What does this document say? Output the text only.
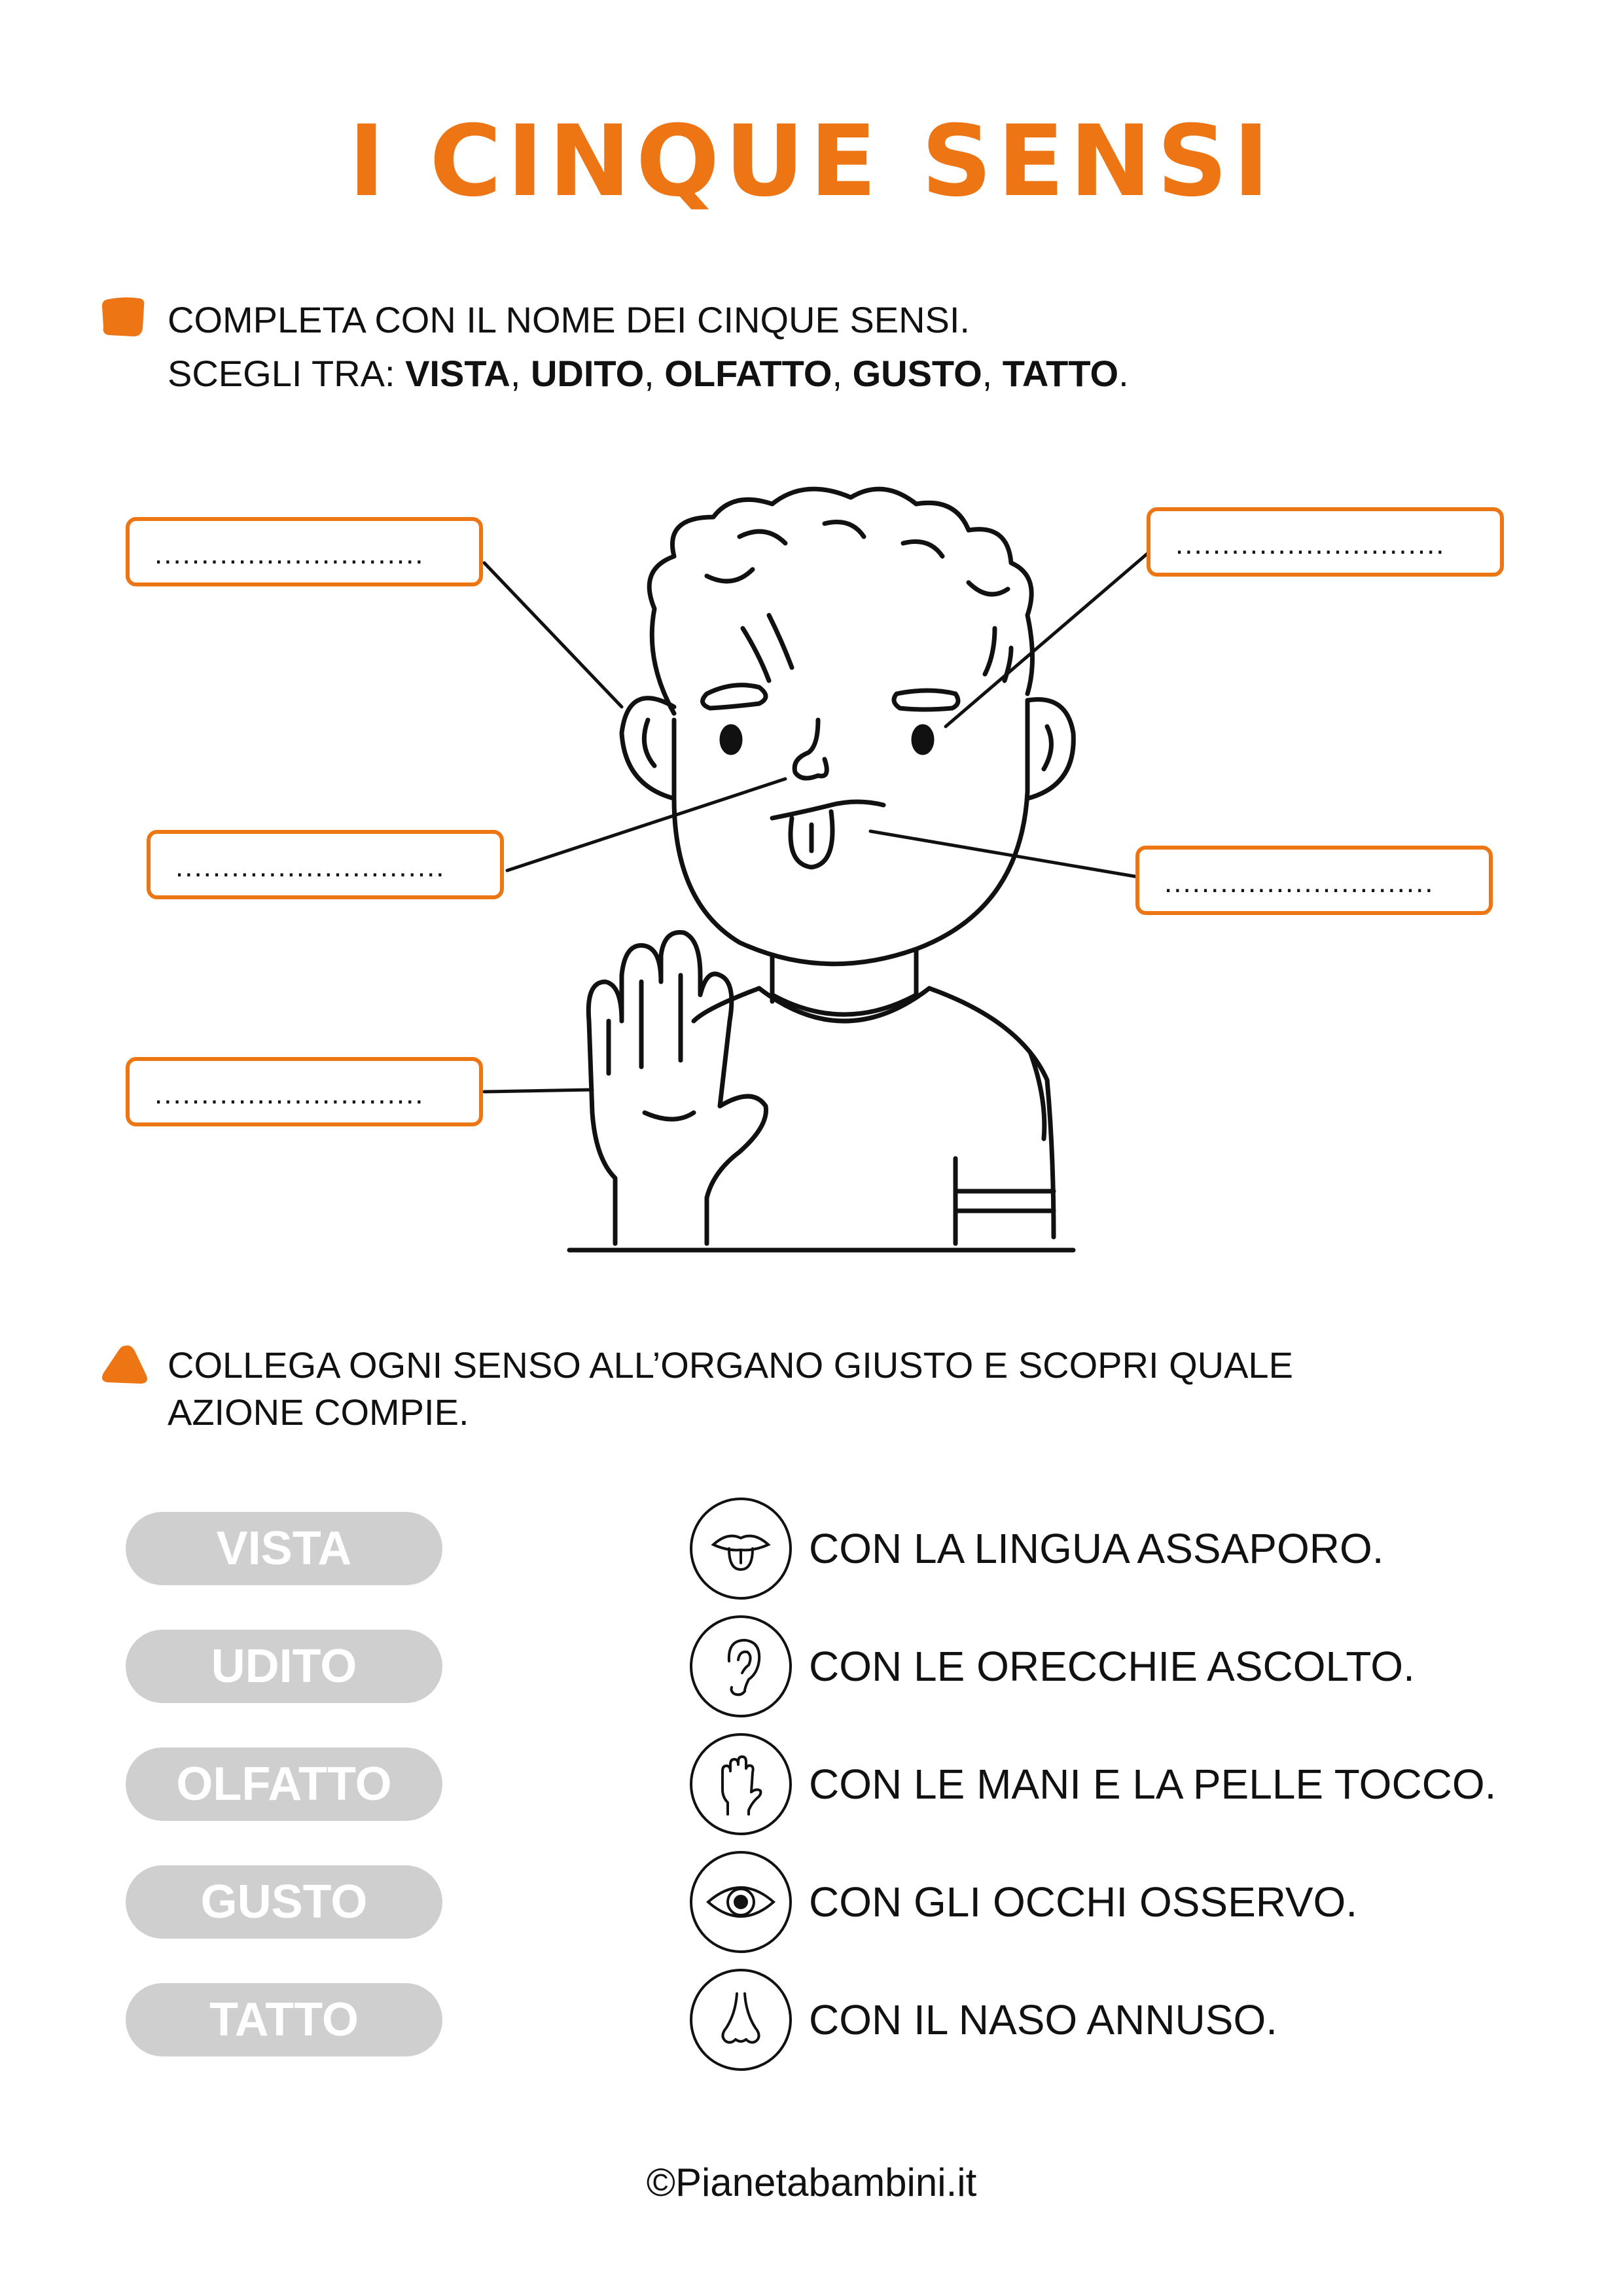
I CINQUE SENSI
COMPLETA CON IL NOME DEI CINQUE SENSI.
SCEGLI TRA: VISTA, UDITO, OLFATTO, GUSTO, TATTO.
.............................	.............................
.............................	.............................
.............................
COLLEGA OGNI SENSO ALL’ORGANO GIUSTO E SCOPRI QUALE
AZIONE COMPIE.
VISTA
UDITO
OLFATTO
GUSTO
TATTO
CON LA LINGUA ASSAPORO.
CON LE ORECCHIE ASCOLTO.
CON LE MANI E LA PELLE TOCCO.
CON GLI OCCHI OSSERVO.
CON IL NASO ANNUSO.
©Pianetabambini.it
